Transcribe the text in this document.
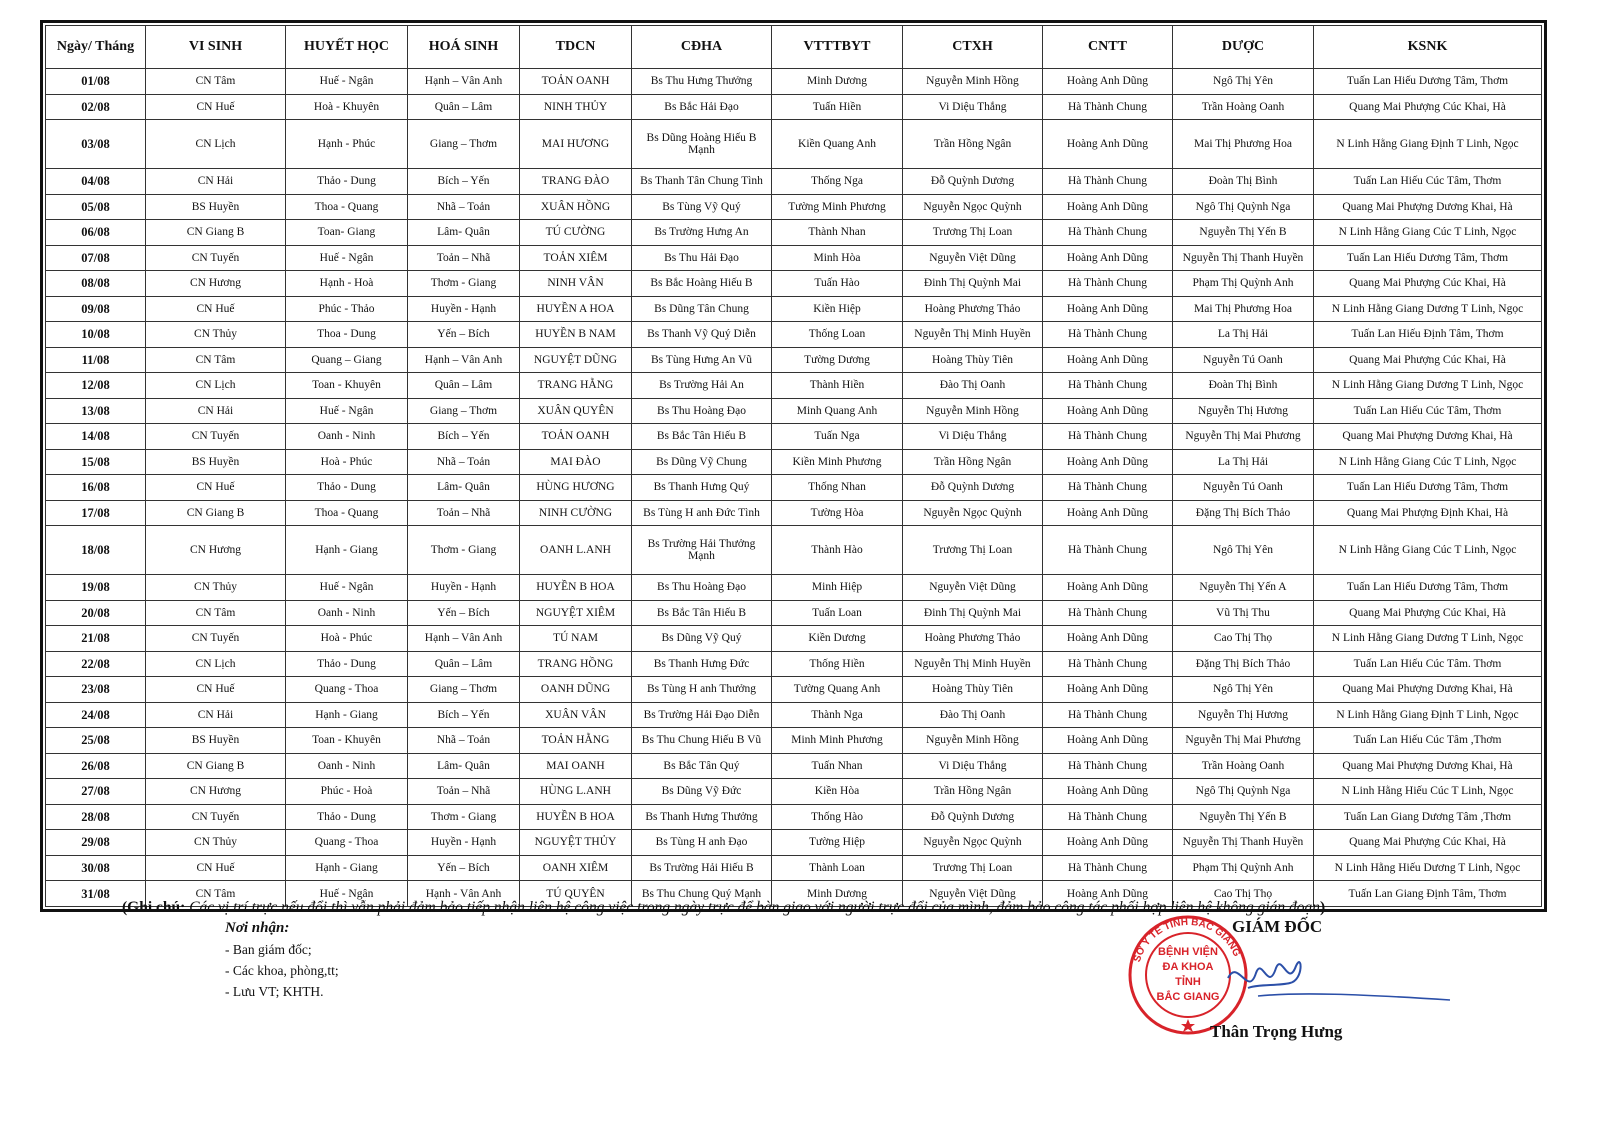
Ngày/ Tháng	VI SINH	HUYẾT HỌC	HOÁ SINH	TDCN	CĐHA	VTTTBYT	CTXH	CNTT	DƯỢC	KSNK
01/08	CN Tâm	Huế - Ngân	Hạnh – Vân Anh	TOẢN OANH	Bs Thu Hưng Thưởng	Minh Dương	Nguyễn Minh Hồng	Hoàng Anh Dũng	Ngô Thị Yên	Tuấn Lan Hiếu Dương Tâm, Thơm
02/08	CN Huế	Hoà - Khuyên	Quân – Lâm	NINH THỦY	Bs Bắc Hải Đạo	Tuấn Hiền	Vi Diệu Thắng	Hà Thành Chung	Trần Hoàng Oanh	Quang Mai Phượng Cúc Khai, Hà
03/08	CN Lịch	Hạnh - Phúc	Giang – Thơm	MAI HƯƠNG	Bs Dũng Hoàng Hiếu B Mạnh	Kiền Quang Anh	Trần Hồng Ngân	Hoàng Anh Dũng	Mai Thị Phương Hoa	N Linh Hằng Giang Định T Linh, Ngọc
04/08	CN Hải	Thảo - Dung	Bích – Yến	TRANG ĐÀO	Bs Thanh Tân Chung Tình	Thống Nga	Đỗ Quỳnh Dương	Hà Thành Chung	Đoàn Thị Bình	Tuấn Lan Hiếu Cúc Tâm, Thơm
05/08	BS Huyền	Thoa - Quang	Nhã – Toản	XUÂN HỒNG	Bs Tùng Vỹ Quý	Tường Minh Phương	Nguyễn Ngọc Quỳnh	Hoàng Anh Dũng	Ngô Thị Quỳnh Nga	Quang Mai Phượng Dương Khai, Hà
06/08	CN Giang B	Toan- Giang	Lâm- Quân	TÚ CƯỜNG	Bs Trường Hưng An	Thành Nhan	Trương Thị Loan	Hà Thành Chung	Nguyễn Thị Yến B	N Linh Hằng Giang Cúc T Linh, Ngọc
07/08	CN Tuyến	Huế - Ngân	Toản – Nhã	TOẢN XIÊM	Bs Thu Hải Đạo	Minh Hòa	Nguyễn Việt Dũng	Hoàng Anh Dũng	Nguyễn Thị Thanh Huyền	Tuấn Lan Hiếu Dương Tâm, Thơm
08/08	CN Hương	Hạnh - Hoà	Thơm - Giang	NINH VÂN	Bs Bắc Hoàng Hiếu B	Tuấn Hào	Đinh Thị Quỳnh Mai	Hà Thành Chung	Phạm Thị Quỳnh Anh	Quang Mai Phượng Cúc Khai, Hà
09/08	CN Huế	Phúc - Thảo	Huyền - Hạnh	HUYỀN A HOA	Bs Dũng Tân Chung	Kiền Hiệp	Hoàng Phương Thảo	Hoàng Anh Dũng	Mai Thị Phương Hoa	N Linh Hằng Giang Dương T Linh, Ngọc
10/08	CN Thủy	Thoa - Dung	Yến – Bích	HUYỀN B NAM	Bs Thanh Vỹ Quý Diễn	Thống Loan	Nguyễn Thị Minh Huyền	Hà Thành Chung	La Thị Hải	Tuấn Lan Hiếu Định Tâm, Thơm
11/08	CN Tâm	Quang – Giang	Hạnh – Vân Anh	NGUYỆT DŨNG	Bs Tùng Hưng An Vũ	Tường Dương	Hoàng Thùy Tiên	Hoàng Anh Dũng	Nguyễn Tú Oanh	Quang Mai Phượng Cúc Khai, Hà
12/08	CN Lịch	Toan - Khuyên	Quân – Lâm	TRANG HẰNG	Bs Trường Hải An	Thành Hiền	Đào Thị Oanh	Hà Thành Chung	Đoàn Thị Bình	N Linh Hằng Giang Dương T Linh, Ngọc
13/08	CN Hải	Huế - Ngân	Giang – Thơm	XUÂN QUYÊN	Bs Thu Hoàng Đạo	Minh Quang Anh	Nguyễn Minh Hồng	Hoàng Anh Dũng	Nguyễn Thị Hương	Tuấn Lan Hiếu Cúc Tâm, Thơm
14/08	CN Tuyến	Oanh - Ninh	Bích – Yến	TOẢN OANH	Bs Bắc Tân Hiếu B	Tuấn Nga	Vi Diệu Thắng	Hà Thành Chung	Nguyễn Thị Mai Phương	Quang Mai Phượng Dương Khai, Hà
15/08	BS Huyền	Hoà - Phúc	Nhã – Toản	MAI ĐÀO	Bs Dũng Vỹ Chung	Kiền Minh Phương	Trần Hồng Ngân	Hoàng Anh Dũng	La Thị Hải	N Linh Hằng Giang Cúc T Linh, Ngọc
16/08	CN Huế	Thảo - Dung	Lâm- Quân	HÙNG HƯƠNG	Bs Thanh Hưng Quý	Thống Nhan	Đỗ Quỳnh Dương	Hà Thành Chung	Nguyễn Tú Oanh	Tuấn Lan Hiếu Dương Tâm, Thơm
17/08	CN Giang B	Thoa - Quang	Toản – Nhã	NINH CƯỜNG	Bs Tùng H anh Đức Tình	Tường Hòa	Nguyễn Ngọc Quỳnh	Hoàng Anh Dũng	Đặng Thị Bích Thảo	Quang Mai Phượng Định Khai, Hà
18/08	CN Hương	Hạnh - Giang	Thơm - Giang	OANH L.ANH	Bs Trường Hải Thưởng Mạnh	Thành Hào	Trương Thị Loan	Hà Thành Chung	Ngô Thị Yên	N Linh Hằng Giang Cúc T Linh, Ngọc
19/08	CN Thủy	Huế - Ngân	Huyền - Hạnh	HUYỀN B HOA	Bs Thu Hoàng Đạo	Minh Hiệp	Nguyễn Việt Dũng	Hoàng Anh Dũng	Nguyễn Thị Yến A	Tuấn Lan Hiếu Dương Tâm, Thơm
20/08	CN Tâm	Oanh - Ninh	Yến – Bích	NGUYỆT XIÊM	Bs Bắc Tân Hiếu B	Tuấn Loan	Đinh Thị Quỳnh Mai	Hà Thành Chung	Vũ Thị Thu	Quang Mai Phượng Cúc Khai, Hà
21/08	CN Tuyến	Hoà - Phúc	Hạnh – Vân Anh	TÚ NAM	Bs Dũng Vỹ Quý	Kiền Dương	Hoàng Phương Thảo	Hoàng Anh Dũng	Cao Thị Thọ	N Linh Hằng Giang Dương T Linh, Ngọc
22/08	CN Lịch	Thảo - Dung	Quân – Lâm	TRANG HỒNG	Bs Thanh Hưng Đức	Thống Hiền	Nguyễn Thị Minh Huyền	Hà Thành Chung	Đặng Thị Bích Thảo	Tuấn Lan Hiếu Cúc Tâm. Thơm
23/08	CN Huế	Quang - Thoa	Giang – Thơm	OANH DŨNG	Bs Tùng H anh Thưởng	Tường Quang Anh	Hoàng Thùy Tiên	Hoàng Anh Dũng	Ngô Thị Yên	Quang Mai Phượng Dương Khai, Hà
24/08	CN Hải	Hạnh - Giang	Bích – Yến	XUÂN VÂN	Bs Trường Hải Đạo Diễn	Thành Nga	Đào Thị Oanh	Hà Thành Chung	Nguyễn Thị Hương	N Linh Hằng Giang Định T Linh, Ngọc
25/08	BS Huyền	Toan - Khuyên	Nhã – Toản	TOẢN HẰNG	Bs Thu Chung Hiếu B Vũ	Minh Minh Phương	Nguyễn Minh Hồng	Hoàng Anh Dũng	Nguyễn Thị Mai Phương	Tuấn Lan Hiếu Cúc Tâm ,Thơm
26/08	CN Giang B	Oanh - Ninh	Lâm- Quân	MAI OANH	Bs Bắc Tân Quý	Tuấn Nhan	Vi Diệu Thắng	Hà Thành Chung	Trần Hoàng Oanh	Quang Mai Phượng Dương Khai, Hà
27/08	CN Hương	Phúc - Hoà	Toản – Nhã	HÙNG L.ANH	Bs Dũng Vỹ Đức	Kiền Hòa	Trần Hồng Ngân	Hoàng Anh Dũng	Ngô Thị Quỳnh Nga	N Linh Hằng Hiếu Cúc T Linh, Ngọc
28/08	CN Tuyến	Thảo - Dung	Thơm - Giang	HUYỀN B HOA	Bs Thanh Hưng Thưởng	Thống Hào	Đỗ Quỳnh Dương	Hà Thành Chung	Nguyễn Thị Yến B	Tuấn Lan Giang Dương Tâm ,Thơm
29/08	CN Thủy	Quang - Thoa	Huyền - Hạnh	NGUYỆT THỦY	Bs Tùng H anh Đạo	Tường Hiệp	Nguyễn Ngọc Quỳnh	Hoàng Anh Dũng	Nguyễn Thị Thanh Huyền	Quang Mai Phượng Cúc Khai, Hà
30/08	CN Huế	Hạnh - Giang	Yến – Bích	OANH XIÊM	Bs Trường Hải Hiếu B	Thành Loan	Trương Thị Loan	Hà Thành Chung	Phạm Thị Quỳnh Anh	N Linh Hằng Hiếu Dương T Linh, Ngọc
31/08	CN Tâm	Huế - Ngân	Hạnh - Vân Anh	TÚ QUYÊN	Bs Thu Chung Quý Mạnh	Minh Dương	Nguyễn Việt Dũng	Hoàng Anh Dũng	Cao Thị Thọ	Tuấn Lan Giang Định Tâm, Thơm
(Ghi chú: Các vị trí trực nếu đổi thì vẫn phải đảm bảo tiếp nhận liên hệ công việc trong ngày trực để bàn giao với người trực đổi của mình, đảm bảo công tác phối hợp liên hệ không gián đoạn)
Nơi nhận:
- Ban giám đốc;
- Các khoa, phòng,tt;
- Lưu VT; KHTH.
SỞ Y TẾ TỈNH BẮC GIANG
BỆNH VIỆN
ĐA KHOA
TỈNH
BẮC GIANG
GIÁM ĐỐC
Thân Trọng Hưng
